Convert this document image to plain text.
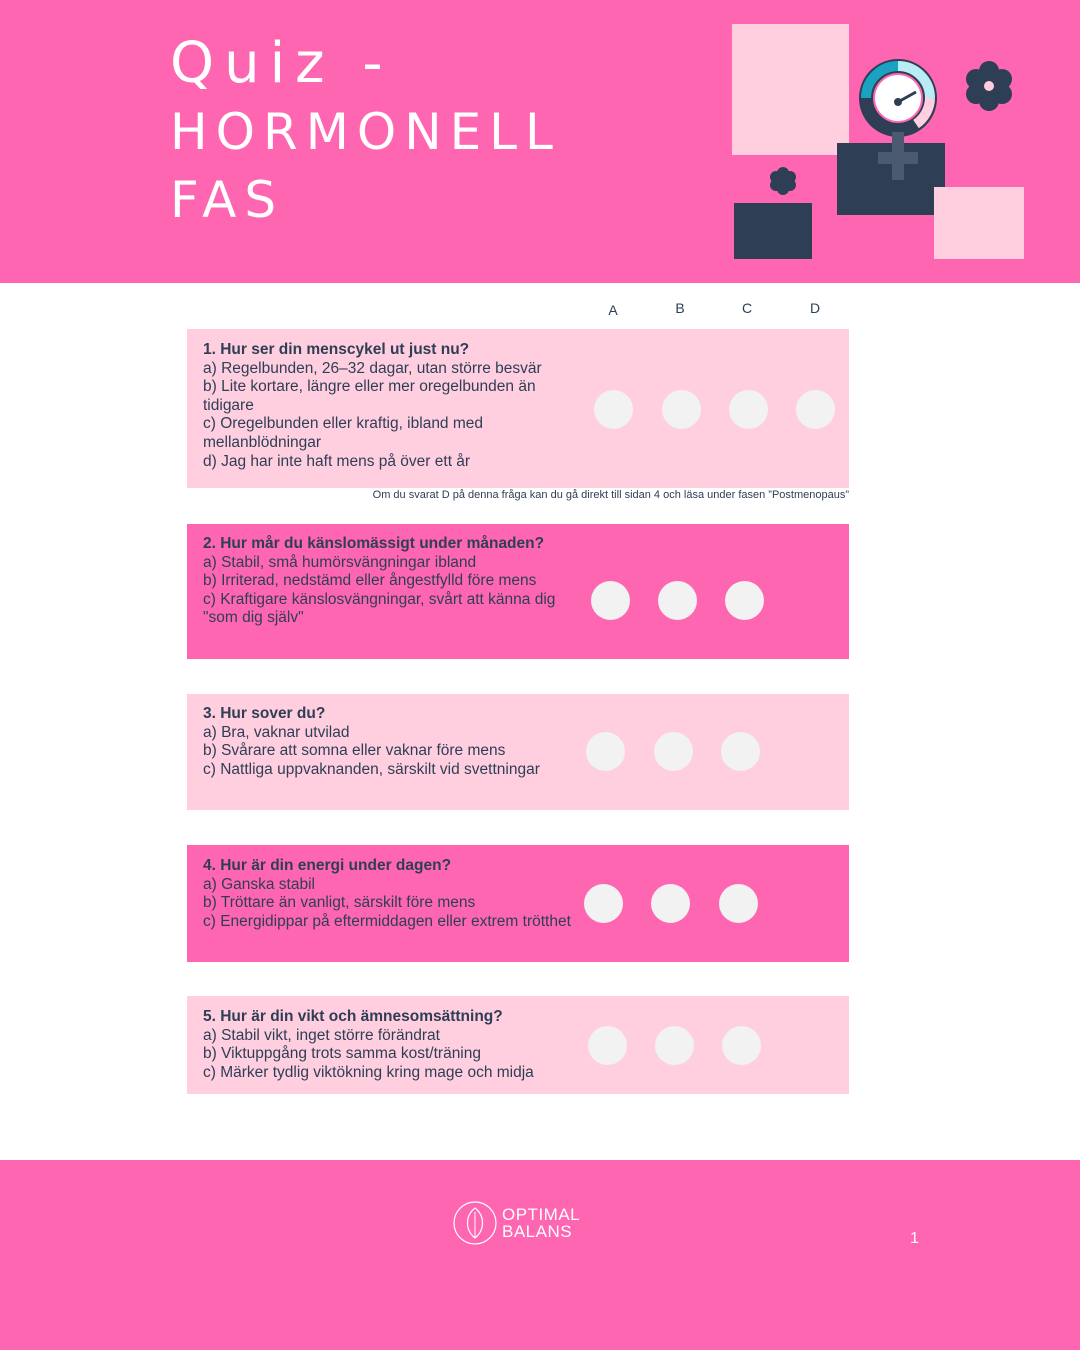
Quiz -
HORMONELL
FAS
A	B	C	D
1. Hur ser din menscykel ut just nu?
a) Regelbunden, 26–32 dagar, utan större besvär
b) Lite kortare, längre eller mer oregelbunden än tidigare
c) Oregelbunden eller kraftig, ibland med mellanblödningar
d) Jag har inte haft mens på över ett år
Om du svarat D på denna fråga kan du gå direkt till sidan 4 och läsa under fasen ”Postmenopaus”
2. Hur mår du känslomässigt under månaden?
a) Stabil, små humörsvängningar ibland
b) Irriterad, nedstämd eller ångestfylld före mens
c) Kraftigare känslosvängningar, svårt att känna dig "som dig själv"
3. Hur sover du?
a) Bra, vaknar utvilad
b) Svårare att somna eller vaknar före mens
c) Nattliga uppvaknanden, särskilt vid svettningar
4. Hur är din energi under dagen?
a) Ganska stabil
b) Tröttare än vanligt, särskilt före mens
c) Energidippar på eftermiddagen eller extrem trötthet
5. Hur är din vikt och ämnesomsättning?
a) Stabil vikt, inget större förändrat
b) Viktuppgång trots samma kost/träning
c) Märker tydlig viktökning kring mage och midja
OPTIMAL
BALANS	1
